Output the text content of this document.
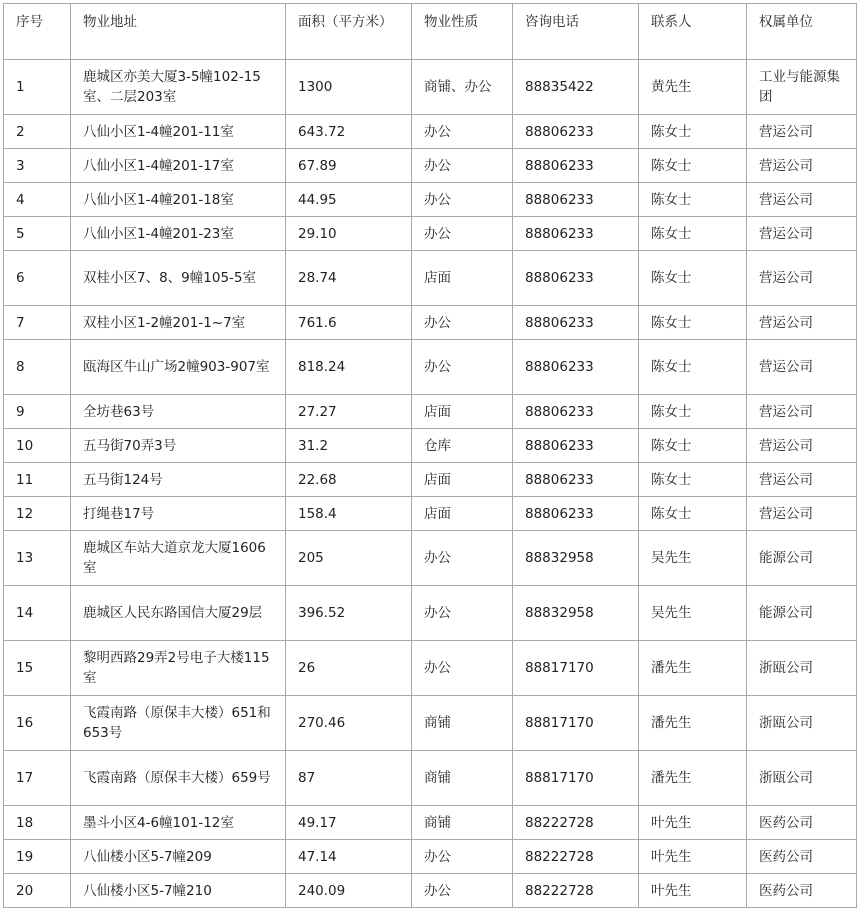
序号	物业地址	面积（平方米）	物业性质	咨询电话	联系人	权属单位
1	鹿城区亦美大厦3-5幢102-15室、二层203室	1300	商铺、办公	88835422	黄先生	工业与能源集团
2	八仙小区1-4幢201-11室	643.72	办公	88806233	陈女士	营运公司
3	八仙小区1-4幢201-17室	67.89	办公	88806233	陈女士	营运公司
4	八仙小区1-4幢201-18室	44.95	办公	88806233	陈女士	营运公司
5	八仙小区1-4幢201-23室	29.10	办公	88806233	陈女士	营运公司
6	双桂小区7、8、9幢105-5室	28.74	店面	88806233	陈女士	营运公司
7	双桂小区1-2幢201-1~7室	761.6	办公	88806233	陈女士	营运公司
8	瓯海区牛山广场2幢903-907室	818.24	办公	88806233	陈女士	营运公司
9	全坊巷63号	27.27	店面	88806233	陈女士	营运公司
10	五马街70弄3号	31.2	仓库	88806233	陈女士	营运公司
11	五马街124号	22.68	店面	88806233	陈女士	营运公司
12	打绳巷17号	158.4	店面	88806233	陈女士	营运公司
13	鹿城区车站大道京龙大厦1606室	205	办公	88832958	吴先生	能源公司
14	鹿城区人民东路国信大厦29层	396.52	办公	88832958	吴先生	能源公司
15	黎明西路29弄2号电子大楼115室	26	办公	88817170	潘先生	浙瓯公司
16	飞霞南路（原保丰大楼）651和653号	270.46	商铺	88817170	潘先生	浙瓯公司
17	飞霞南路（原保丰大楼）659号	87	商铺	88817170	潘先生	浙瓯公司
18	墨斗小区4-6幢101-12室	49.17	商铺	88222728	叶先生	医药公司
19	八仙楼小区5-7幢209	47.14	办公	88222728	叶先生	医药公司
20	八仙楼小区5-7幢210	240.09	办公	88222728	叶先生	医药公司
